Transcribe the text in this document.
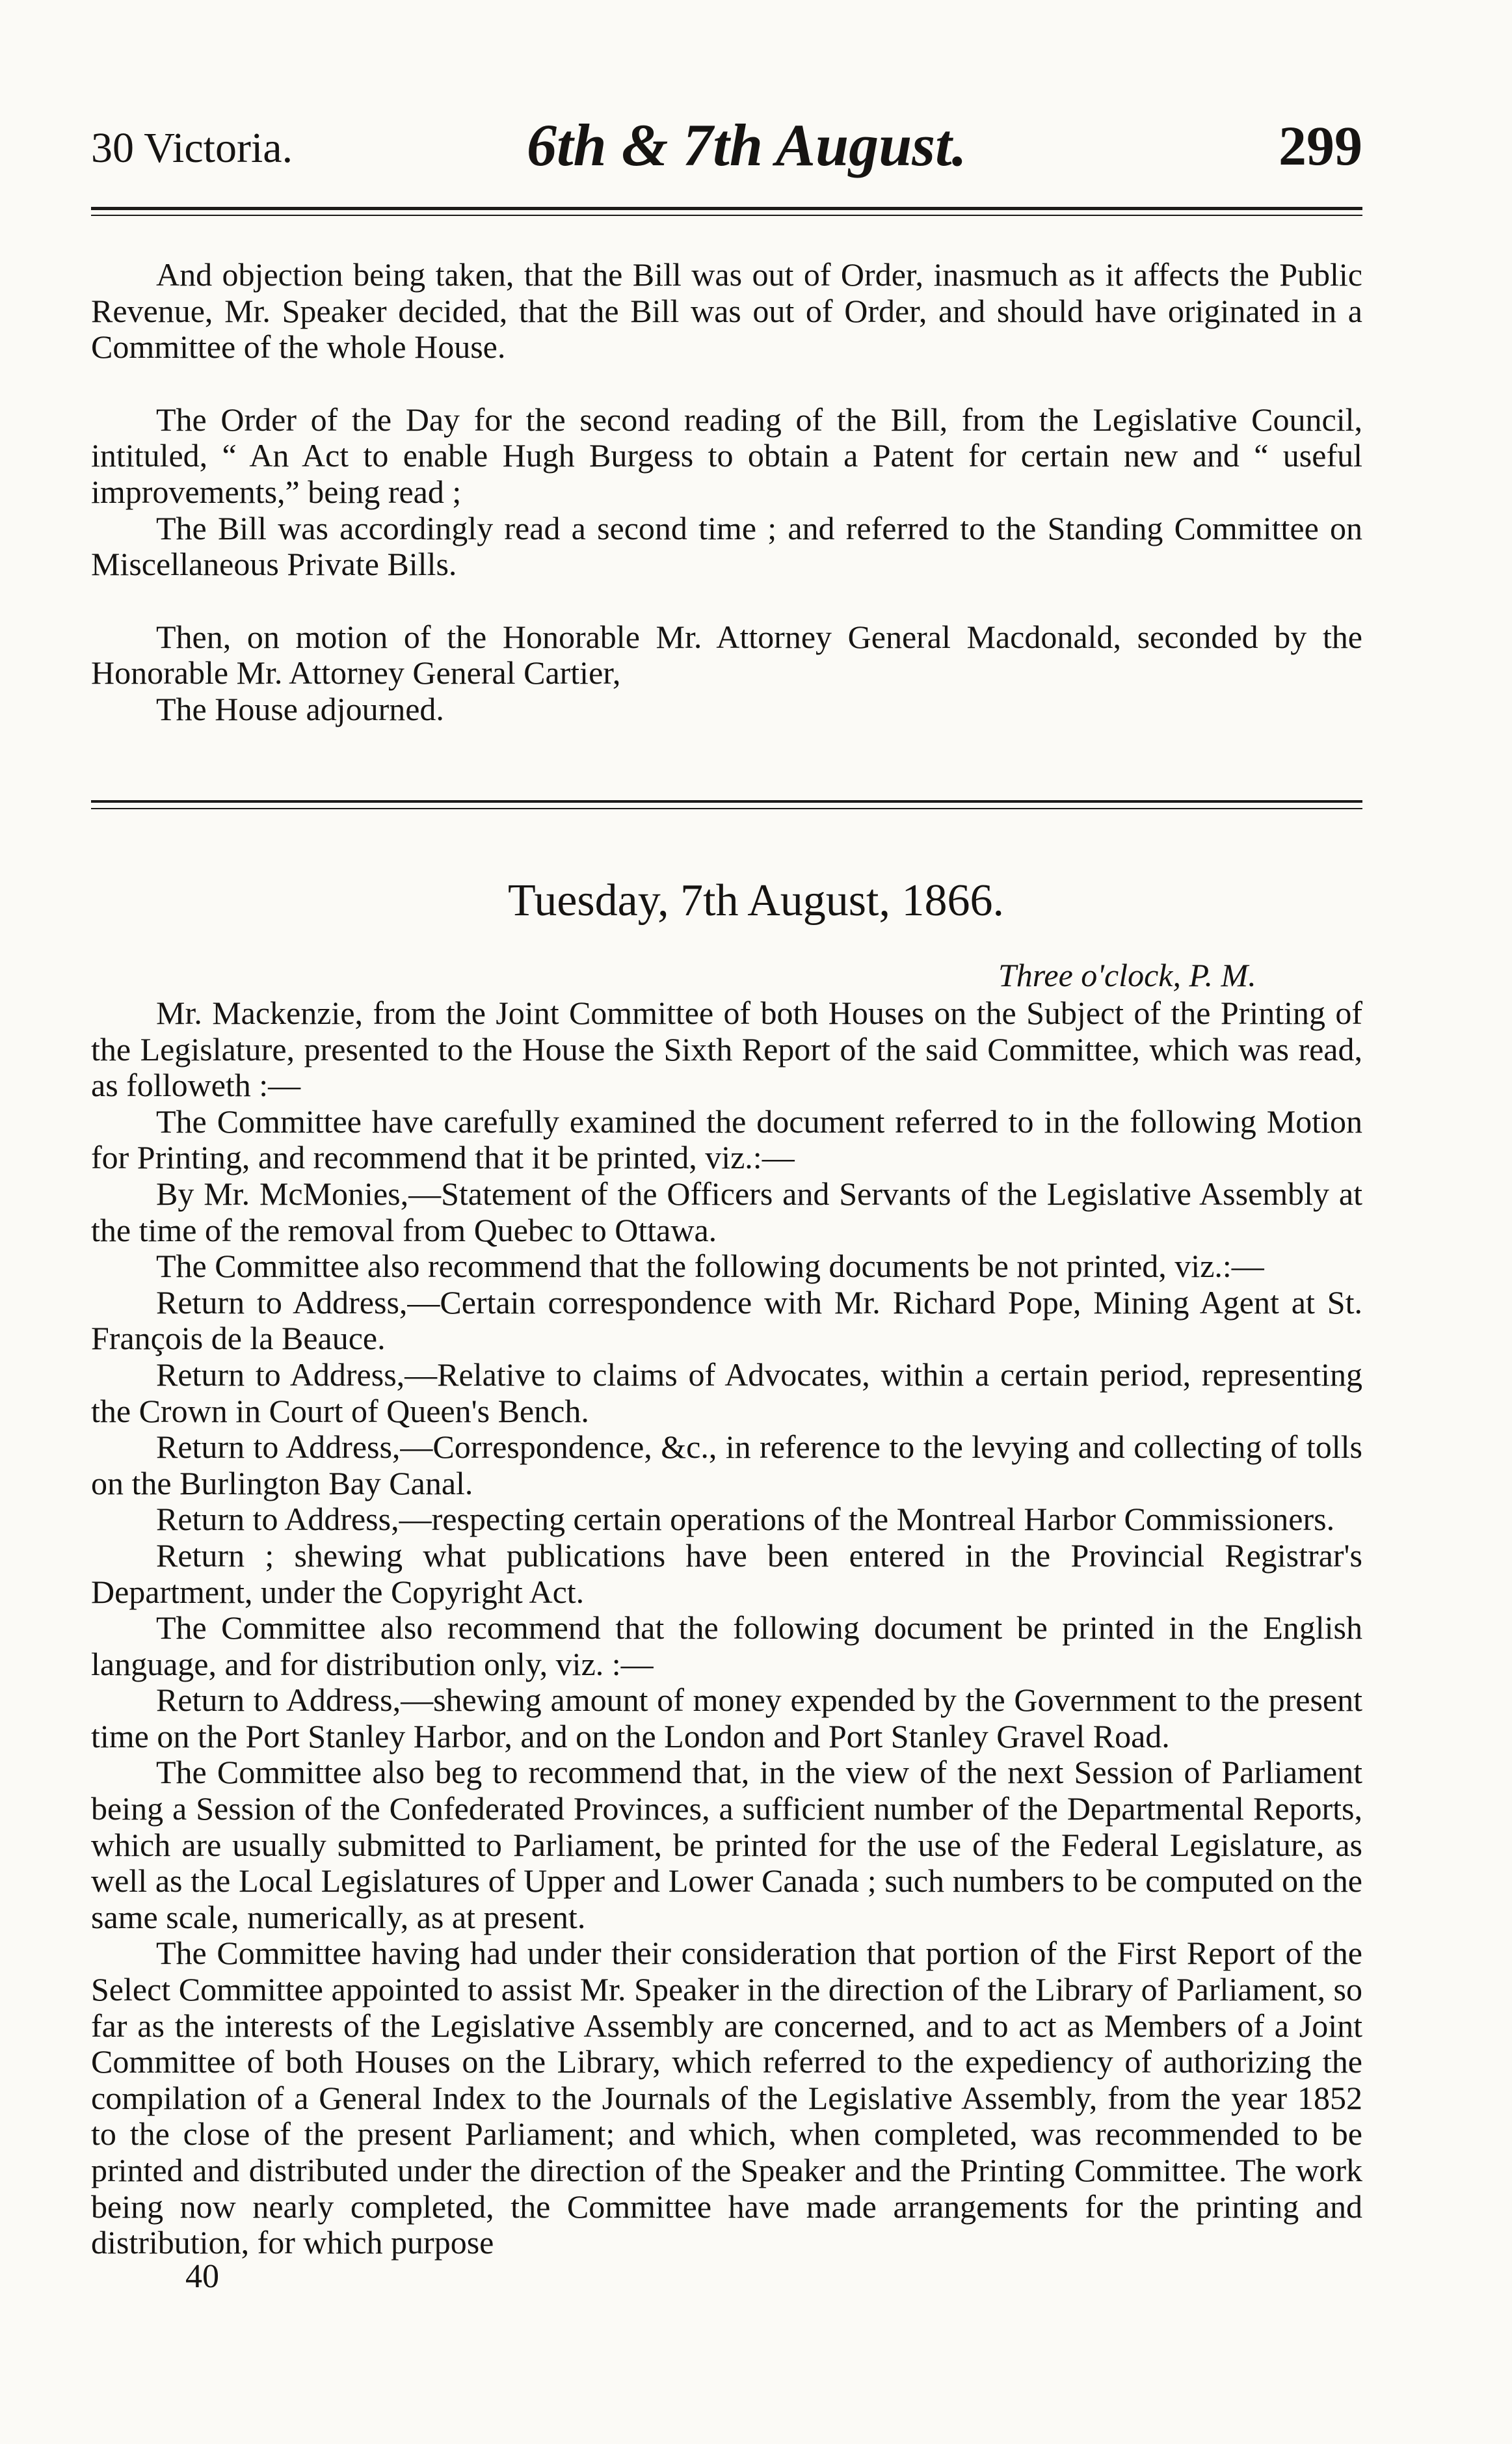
30 Victoria.	6th & 7th August.	299

And objection being taken, that the Bill was out of Order, inasmuch as it affects the Public Revenue, Mr. Speaker decided, that the Bill was out of Order, and should have originated in a Committee of the whole House.

The Order of the Day for the second reading of the Bill, from the Legislative Council, intituled, “ An Act to enable Hugh Burgess to obtain a Patent for certain new and “ useful improvements,” being read ;

The Bill was accordingly read a second time ; and referred to the Standing Committee on Miscellaneous Private Bills.

Then, on motion of the Honorable Mr. Attorney General Macdonald, seconded by the Honorable Mr. Attorney General Cartier,

The House adjourned.

Tuesday, 7th August, 1866.
Three o'clock, P. M.

Mr. Mackenzie, from the Joint Committee of both Houses on the Subject of the Printing of the Legislature, presented to the House the Sixth Report of the said Committee, which was read, as followeth :—

The Committee have carefully examined the document referred to in the following Motion for Printing, and recommend that it be printed, viz.:—

By Mr. McMonies,—Statement of the Officers and Servants of the Legislative Assembly at the time of the removal from Quebec to Ottawa.

The Committee also recommend that the following documents be not printed, viz.:—

Return to Address,—Certain correspondence with Mr. Richard Pope, Mining Agent at St. François de la Beauce.

Return to Address,—Relative to claims of Advocates, within a certain period, representing the Crown in Court of Queen's Bench.

Return to Address,—Correspondence, &c., in reference to the levying and collecting of tolls on the Burlington Bay Canal.

Return to Address,—respecting certain operations of the Montreal Harbor Commissioners.

Return ; shewing what publications have been entered in the Provincial Registrar's Department, under the Copyright Act.

The Committee also recommend that the following document be printed in the English language, and for distribution only, viz. :—

Return to Address,—shewing amount of money expended by the Government to the present time on the Port Stanley Harbor, and on the London and Port Stanley Gravel Road.

The Committee also beg to recommend that, in the view of the next Session of Parliament being a Session of the Confederated Provinces, a sufficient number of the Departmental Reports, which are usually submitted to Parliament, be printed for the use of the Federal Legislature, as well as the Local Legislatures of Upper and Lower Canada ; such numbers to be computed on the same scale, numerically, as at present.

The Committee having had under their consideration that portion of the First Report of the Select Committee appointed to assist Mr. Speaker in the direction of the Library of Parliament, so far as the interests of the Legislative Assembly are concerned, and to act as Members of a Joint Committee of both Houses on the Library, which referred to the expediency of authorizing the compilation of a General Index to the Journals of the Legislative Assembly, from the year 1852 to the close of the present Parliament; and which, when completed, was recommended to be printed and distributed under the direction of the Speaker and the Printing Committee. The work being now nearly completed, the Committee have made arrangements for the printing and distribution, for which purpose

40
